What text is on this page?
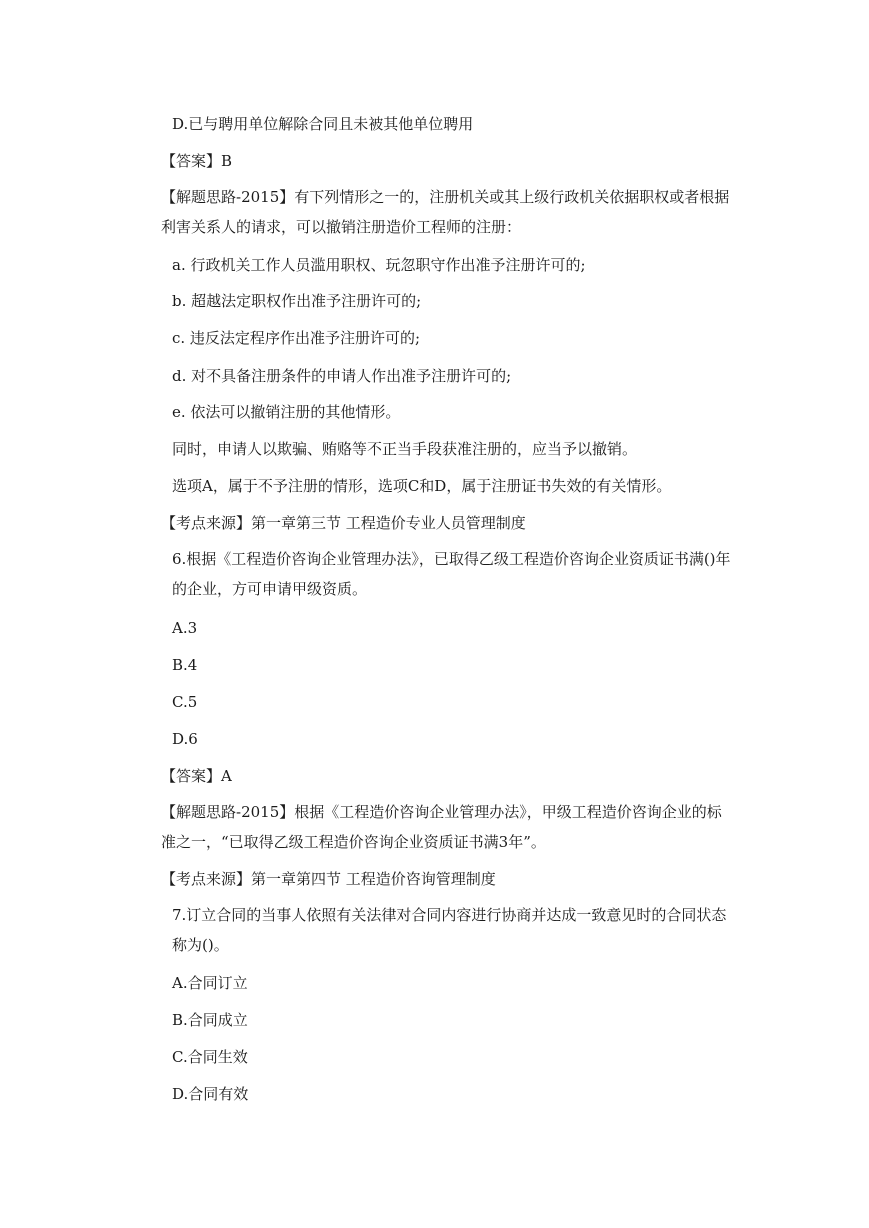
D.已与聘用单位解除合同且未被其他单位聘用
【答案】B
【解题思路-2015】有下列情形之一的，注册机关或其上级行政机关依据职权或者根据利害关系人的请求，可以撤销注册造价工程师的注册：
a. 行政机关工作人员滥用职权、玩忽职守作出准予注册许可的;
b. 超越法定职权作出准予注册许可的;
c. 违反法定程序作出准予注册许可的;
d. 对不具备注册条件的申请人作出准予注册许可的;
e. 依法可以撤销注册的其他情形。
同时，申请人以欺骗、贿赂等不正当手段获准注册的，应当予以撤销。
选项A，属于不予注册的情形，选项C和D，属于注册证书失效的有关情形。
【考点来源】第一章第三节 工程造价专业人员管理制度
6.根据《工程造价咨询企业管理办法》，已取得乙级工程造价咨询企业资质证书满()年的企业，方可申请甲级资质。
A.3
B.4
C.5
D.6
【答案】A
【解题思路-2015】根据《工程造价咨询企业管理办法》，甲级工程造价咨询企业的标准之一，“已取得乙级工程造价咨询企业资质证书满3年”。
【考点来源】第一章第四节 工程造价咨询管理制度
7.订立合同的当事人依照有关法律对合同内容进行协商并达成一致意见时的合同状态称为()。
A.合同订立
B.合同成立
C.合同生效
D.合同有效
